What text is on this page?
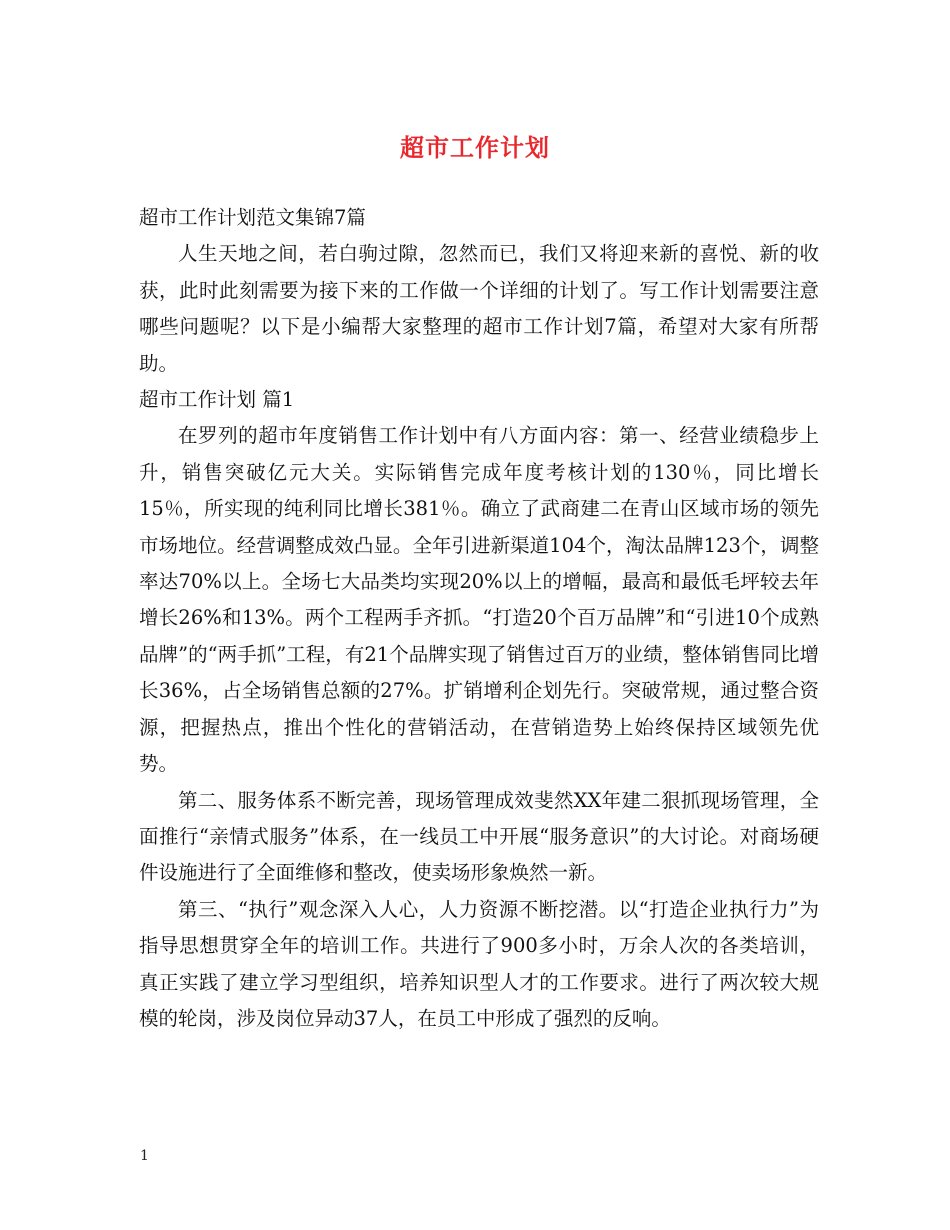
超市工作计划

超市工作计划范文集锦7篇

人生天地之间，若白驹过隙，忽然而已，我们又将迎来新的喜悦、新的收获，此时此刻需要为接下来的工作做一个详细的计划了。写工作计划需要注意哪些问题呢？以下是小编帮大家整理的超市工作计划7篇，希望对大家有所帮助。

超市工作计划 篇1

在罗列的超市年度销售工作计划中有八方面内容：第一、经营业绩稳步上升，销售突破亿元大关。实际销售完成年度考核计划的130％，同比增长15％，所实现的纯利同比增长381％。确立了武商建二在青山区域市场的领先市场地位。经营调整成效凸显。全年引进新渠道104个，淘汰品牌123个，调整率达70%以上。全场七大品类均实现20%以上的增幅，最高和最低毛坪较去年增长26%和13%。两个工程两手齐抓。“打造20个百万品牌”和“引进10个成熟品牌”的“两手抓”工程，有21个品牌实现了销售过百万的业绩，整体销售同比增长36%，占全场销售总额的27%。扩销增利企划先行。突破常规，通过整合资源，把握热点，推出个性化的营销活动，在营销造势上始终保持区域领先优势。

第二、服务体系不断完善，现场管理成效斐然XX年建二狠抓现场管理，全面推行“亲情式服务”体系，在一线员工中开展“服务意识”的大讨论。对商场硬件设施进行了全面维修和整改，使卖场形象焕然一新。

第三、“执行”观念深入人心，人力资源不断挖潜。以“打造企业执行力”为指导思想贯穿全年的培训工作。共进行了900多小时，万余人次的各类培训，真正实践了建立学习型组织，培养知识型人才的工作要求。进行了两次较大规模的轮岗，涉及岗位异动37人，在员工中形成了强烈的反响。

1
